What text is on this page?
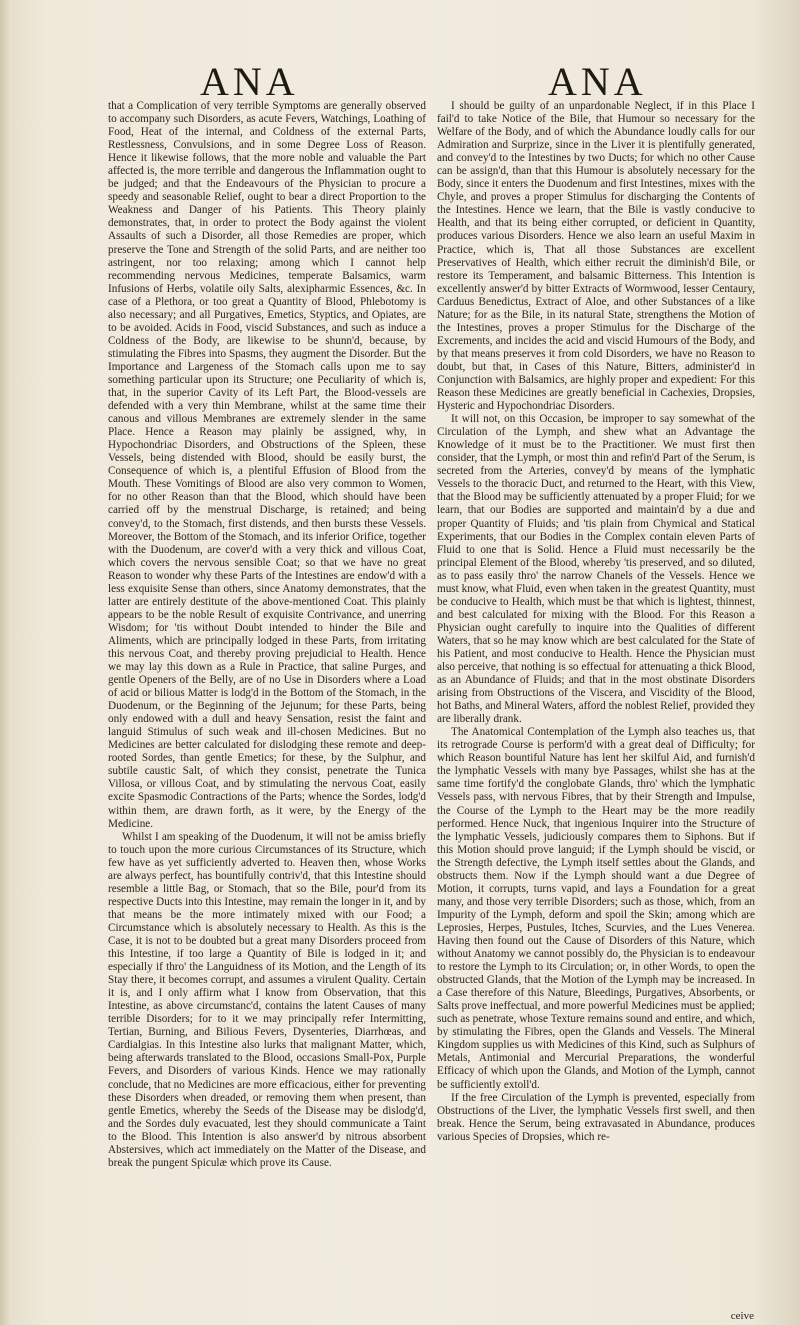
ANA	ANA

that a Complication of very terrible Symptoms are generally observed to accompany such Disorders, as acute Fevers, Watchings, Loathing of Food, Heat of the internal, and Coldness of the external Parts, Restlessness, Convulsions, and in some Degree Loss of Reason. Hence it likewise follows, that the more noble and valuable the Part affected is, the more terrible and dangerous the Inflammation ought to be judged; and that the Endeavours of the Physician to procure a speedy and seasonable Relief, ought to bear a direct Proportion to the Weakness and Danger of his Patients. This Theory plainly demonstrates, that, in order to protect the Body against the violent Assaults of such a Disorder, all those Remedies are proper, which preserve the Tone and Strength of the solid Parts, and are neither too astringent, nor too relaxing; among which I cannot help recommending nervous Medicines, temperate Balsamics, warm Infusions of Herbs, volatile oily Salts, alexipharmic Essences, &c. In case of a Plethora, or too great a Quantity of Blood, Phlebotomy is also necessary; and all Purgatives, Emetics, Styptics, and Opiates, are to be avoided. Acids in Food, viscid Substances, and such as induce a Coldness of the Body, are likewise to be shunn'd, because, by stimulating the Fibres into Spasms, they augment the Disorder. But the Importance and Largeness of the Stomach calls upon me to say something particular upon its Structure; one Peculiarity of which is, that, in the superior Cavity of its Left Part, the Blood-vessels are defended with a very thin Membrane, whilst at the same time their canous and villous Membranes are extremely slender in the same Place. Hence a Reason may plainly be assigned, why, in Hypochondriac Disorders, and Obstructions of the Spleen, these Vessels, being distended with Blood, should be easily burst, the Consequence of which is, a plentiful Effusion of Blood from the Mouth. These Vomitings of Blood are also very common to Women, for no other Reason than that the Blood, which should have been carried off by the menstrual Discharge, is retained; and being convey'd, to the Stomach, first distends, and then bursts these Vessels. Moreover, the Bottom of the Stomach, and its inferior Orifice, together with the Duodenum, are cover'd with a very thick and villous Coat, which covers the nervous sensible Coat; so that we have no great Reason to wonder why these Parts of the Intestines are endow'd with a less exquisite Sense than others, since Anatomy demonstrates, that the latter are entirely destitute of the above-mentioned Coat. This plainly appears to be the noble Result of exquisite Contrivance, and unerring Wisdom; for 'tis without Doubt intended to hinder the Bile and Aliments, which are principally lodged in these Parts, from irritating this nervous Coat, and thereby proving prejudicial to Health. Hence we may lay this down as a Rule in Practice, that saline Purges, and gentle Openers of the Belly, are of no Use in Disorders where a Load of acid or bilious Matter is lodg'd in the Bottom of the Stomach, in the Duodenum, or the Beginning of the Jejunum; for these Parts, being only endowed with a dull and heavy Sensation, resist the faint and languid Stimulus of such weak and ill-chosen Medicines. But no Medicines are better calculated for dislodging these remote and deep-rooted Sordes, than gentle Emetics; for these, by the Sulphur, and subtile caustic Salt, of which they consist, penetrate the Tunica Villosa, or villous Coat, and by stimulating the nervous Coat, easily excite Spasmodic Contractions of the Parts; whence the Sordes, lodg'd within them, are drawn forth, as it were, by the Energy of the Medicine.

Whilst I am speaking of the Duodenum, it will not be amiss briefly to touch upon the more curious Circumstances of its Structure, which few have as yet sufficiently adverted to. Heaven then, whose Works are always perfect, has bountifully contriv'd, that this Intestine should resemble a little Bag, or Stomach, that so the Bile, pour'd from its respective Ducts into this Intestine, may remain the longer in it, and by that means be the more intimately mixed with our Food; a Circumstance which is absolutely necessary to Health. As this is the Case, it is not to be doubted but a great many Disorders proceed from this Intestine, if too large a Quantity of Bile is lodged in it; and especially if thro' the Languidness of its Motion, and the Length of its Stay there, it becomes corrupt, and assumes a virulent Quality. Certain it is, and I only affirm what I know from Observation, that this Intestine, as above circumstanc'd, contains the latent Causes of many terrible Disorders; for to it we may principally refer Intermitting, Tertian, Burning, and Bilious Fevers, Dysenteries, Diarrhœas, and Cardialgias. In this Intestine also lurks that malignant Matter, which, being afterwards translated to the Blood, occasions Small-Pox, Purple Fevers, and Disorders of various Kinds. Hence we may rationally conclude, that no Medicines are more efficacious, either for preventing these Disorders when dreaded, or removing them when present, than gentle Emetics, whereby the Seeds of the Disease may be dislodg'd, and the Sordes duly evacuated, lest they should communicate a Taint to the Blood. This Intention is also answer'd by nitrous absorbent Abstersives, which act immediately on the Matter of the Disease, and break the pungent Spiculæ which prove its Cause.

I should be guilty of an unpardonable Neglect, if in this Place I fail'd to take Notice of the Bile, that Humour so necessary for the Welfare of the Body, and of which the Abundance loudly calls for our Admiration and Surprize, since in the Liver it is plentifully generated, and convey'd to the Intestines by two Ducts; for which no other Cause can be assign'd, than that this Humour is absolutely necessary for the Body, since it enters the Duodenum and first Intestines, mixes with the Chyle, and proves a proper Stimulus for discharging the Contents of the Intestines. Hence we learn, that the Bile is vastly conducive to Health, and that its being either corrupted, or deficient in Quantity, produces various Disorders. Hence we also learn an useful Maxim in Practice, which is, That all those Substances are excellent Preservatives of Health, which either recruit the diminish'd Bile, or restore its Temperament, and balsamic Bitterness. This Intention is excellently answer'd by bitter Extracts of Wormwood, lesser Centaury, Carduus Benedictus, Extract of Aloe, and other Substances of a like Nature; for as the Bile, in its natural State, strengthens the Motion of the Intestines, proves a proper Stimulus for the Discharge of the Excrements, and incides the acid and viscid Humours of the Body, and by that means preserves it from cold Disorders, we have no Reason to doubt, but that, in Cases of this Nature, Bitters, administer'd in Conjunction with Balsamics, are highly proper and expedient: For this Reason these Medicines are greatly beneficial in Cachexies, Dropsies, Hysteric and Hypochondriac Disorders.

It will not, on this Occasion, be improper to say somewhat of the Circulation of the Lymph, and shew what an Advantage the Knowledge of it must be to the Practitioner. We must first then consider, that the Lymph, or most thin and refin'd Part of the Serum, is secreted from the Arteries, convey'd by means of the lymphatic Vessels to the thoracic Duct, and returned to the Heart, with this View, that the Blood may be sufficiently attenuated by a proper Fluid; for we learn, that our Bodies are supported and maintain'd by a due and proper Quantity of Fluids; and 'tis plain from Chymical and Statical Experiments, that our Bodies in the Complex contain eleven Parts of Fluid to one that is Solid. Hence a Fluid must necessarily be the principal Element of the Blood, whereby 'tis preserved, and so diluted, as to pass easily thro' the narrow Chanels of the Vessels. Hence we must know, what Fluid, even when taken in the greatest Quantity, must be conducive to Health, which must be that which is lightest, thinnest, and best calculated for mixing with the Blood. For this Reason a Physician ought carefully to inquire into the Qualities of different Waters, that so he may know which are best calculated for the State of his Patient, and most conducive to Health. Hence the Physician must also perceive, that nothing is so effectual for attenuating a thick Blood, as an Abundance of Fluids; and that in the most obstinate Disorders arising from Obstructions of the Viscera, and Viscidity of the Blood, hot Baths, and Mineral Waters, afford the noblest Relief, provided they are liberally drank.

The Anatomical Contemplation of the Lymph also teaches us, that its retrograde Course is perform'd with a great deal of Difficulty; for which Reason bountiful Nature has lent her skilful Aid, and furnish'd the lymphatic Vessels with many bye Passages, whilst she has at the same time fortify'd the conglobate Glands, thro' which the lymphatic Vessels pass, with nervous Fibres, that by their Strength and Impulse, the Course of the Lymph to the Heart may be the more readily performed. Hence Nuck, that ingenious Inquirer into the Structure of the lymphatic Vessels, judiciously compares them to Siphons. But if this Motion should prove languid; if the Lymph should be viscid, or the Strength defective, the Lymph itself settles about the Glands, and obstructs them. Now if the Lymph should want a due Degree of Motion, it corrupts, turns vapid, and lays a Foundation for a great many, and those very terrible Disorders; such as those, which, from an Impurity of the Lymph, deform and spoil the Skin; among which are Leprosies, Herpes, Pustules, Itches, Scurvies, and the Lues Venerea. Having then found out the Cause of Disorders of this Nature, which without Anatomy we cannot possibly do, the Physician is to endeavour to restore the Lymph to its Circulation; or, in other Words, to open the obstructed Glands, that the Motion of the Lymph may be increased. In a Case therefore of this Nature, Bleedings, Purgatives, Absorbents, or Salts prove ineffectual, and more powerful Medicines must be applied; such as penetrate, whose Texture remains sound and entire, and which, by stimulating the Fibres, open the Glands and Vessels. The Mineral Kingdom supplies us with Medicines of this Kind, such as Sulphurs of Metals, Antimonial and Mercurial Preparations, the wonderful Efficacy of which upon the Glands, and Motion of the Lymph, cannot be sufficiently extoll'd.

If the free Circulation of the Lymph is prevented, especially from Obstructions of the Liver, the lymphatic Vessels first swell, and then break. Hence the Serum, being extravasated in Abundance, produces various Species of Dropsies, which re-

ceive
